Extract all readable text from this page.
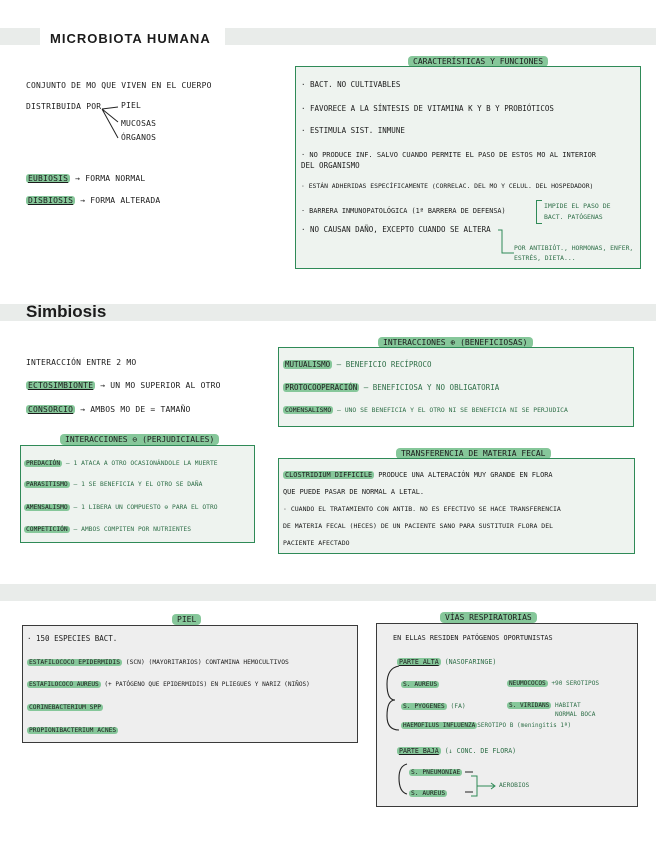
MICROBIOTA HUMANA
CONJUNTO DE MO QUE VIVEN EN EL CUERPO
DISTRIBUIDA POR PIEL
MUCOSAS
ÓRGANOS
EUBIOSIS → FORMA NORMAL
DISBIOSIS → FORMA ALTERADA
CARACTERÍSTICAS Y FUNCIONES
· BACT. NO CULTIVABLES
· FAVORECE A LA SÍNTESIS DE VITAMINA K Y B Y PROBIÓTICOS
· ESTIMULA SIST. INMUNE
· NO PRODUCE INF. SALVO CUANDO PERMITE EL PASO DE ESTOS MO AL INTERIOR
DEL ORGANISMO
· ESTÁN ADHERIDAS ESPECÍFICAMENTE (CORRELAC. DEL MO Y CELUL. DEL HOSPEDADOR)
· BARRERA INMUNOPATOLÓGICA (1ª BARRERA DE DEFENSA)
· NO CAUSAN DAÑO, EXCEPTO CUANDO SE ALTERA
IMPIDE EL PASO DE
BACT. PATÓGENAS
POR ANTIBIÓT., HORMONAS, ENFER,
ESTRÉS, DIETA...
Simbiosis
INTERACCIÓN ENTRE 2 MO
ECTOSIMBIONTE → UN MO SUPERIOR AL OTRO
CONSORCIO → AMBOS MO DE = TAMAÑO
INTERACCIONES ⊕ (BENEFICIOSAS)
MUTUALISMO – BENEFICIO RECÍPROCO
PROTOCOOPERACIÓN – BENEFICIOSA Y NO OBLIGATORIA
COMENSALISMO – UNO SE BENEFICIA Y EL OTRO NI SE BENEFICIA NI SE PERJUDICA
INTERACCIONES ⊖ (PERJUDICIALES)
PREDACIÓN – 1 ATACA A OTRO OCASIONÁNDOLE LA MUERTE
PARASITISMO – 1 SE BENEFICIA Y EL OTRO SE DAÑA
AMENSALISMO – 1 LIBERA UN COMPUESTO ⊖ PARA EL OTRO
COMPETICIÓN – AMBOS COMPITEN POR NUTRIENTES
TRANSFERENCIA DE MATERIA FECAL
CLOSTRIDIUM DIFFICILE PRODUCE UNA ALTERACIÓN MUY GRANDE EN FLORA
QUE PUEDE PASAR DE NORMAL A LETAL.
· CUANDO EL TRATAMIENTO CON ANTIB. NO ES EFECTIVO SE HACE TRANSFERENCIA
DE MATERIA FECAL (HECES) DE UN PACIENTE SANO PARA SUSTITUIR FLORA DEL
PACIENTE AFECTADO
PIEL
· 150 ESPECIES BACT.
ESTAFILOCOCO EPIDERMIDIS (SCN) (MAYORITARIOS) CONTAMINA HEMOCULTIVOS
ESTAFILOCOCO AUREUS (+ PATÓGENO QUE EPIDERMIDIS) EN PLIEGUES Y NARIZ (NIÑOS)
CORINEBACTERIUM SPP
PROPIONIBACTERIUM ACNES
VÍAS RESPIRATORIAS
EN ELLAS RESIDEN PATÓGENOS OPORTUNISTAS
PARTE ALTA (NASOFARINGE)
S. AUREUS
S. PYOGENES (FA)
HAEMOFILUS INFLUENZA SEROTIPO B (meningitis 1ª)
NEUMOCOCOS +90 SEROTIPOS
S. VIRIDANS HABITAT NORMAL BOCA
PARTE BAJA (↓ CONC. DE FLORA)
S. PNEUMONIAE
S. AUREUS
AEROBIOS
